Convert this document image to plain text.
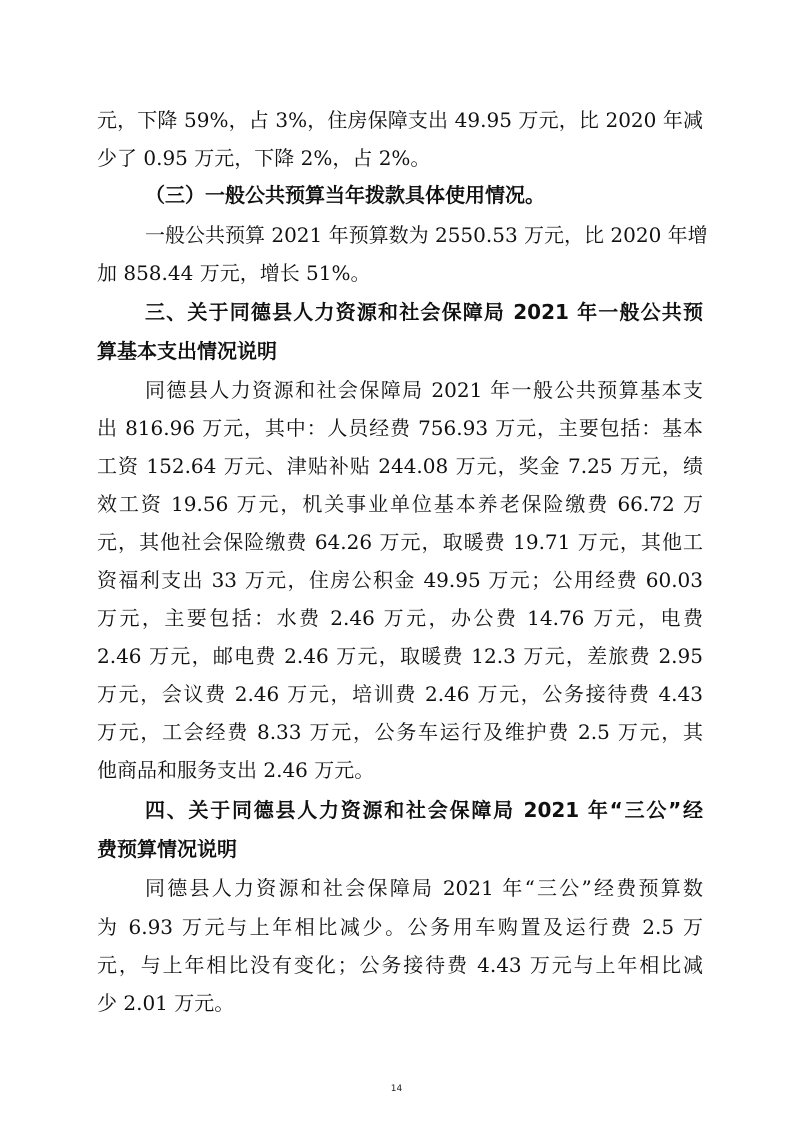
元，下降 59%，占 3%，住房保障支出 49.95 万元，比 2020 年减
少了 0.95 万元，下降 2%，占 2%。
（三）一般公共预算当年拨款具体使用情况。
一般公共预算 2021 年预算数为 2550.53 万元，比 2020 年增
加 858.44 万元，增长 51%。
三、关于同德县人力资源和社会保障局 2021 年一般公共预
算基本支出情况说明
同德县人力资源和社会保障局 2021 年一般公共预算基本支
出 816.96 万元，其中：人员经费 756.93 万元，主要包括：基本
工资 152.64 万元、津贴补贴 244.08 万元，奖金 7.25 万元，绩
效工资 19.56 万元，机关事业单位基本养老保险缴费 66.72 万
元，其他社会保险缴费 64.26 万元，取暖费 19.71 万元，其他工
资福利支出 33 万元，住房公积金 49.95 万元；公用经费 60.03
万元，主要包括：水费 2.46 万元，办公费 14.76 万元，电费
2.46 万元，邮电费 2.46 万元，取暖费 12.3 万元，差旅费 2.95
万元，会议费 2.46 万元，培训费 2.46 万元，公务接待费 4.43
万元，工会经费 8.33 万元，公务车运行及维护费 2.5 万元，其
他商品和服务支出 2.46 万元。
四、关于同德县人力资源和社会保障局 2021 年“三公”经
费预算情况说明
同德县人力资源和社会保障局 2021 年“三公”经费预算数
为 6.93 万元与上年相比减少。公务用车购置及运行费 2.5 万
元，与上年相比没有变化；公务接待费 4.43 万元与上年相比减
少 2.01 万元。
14
